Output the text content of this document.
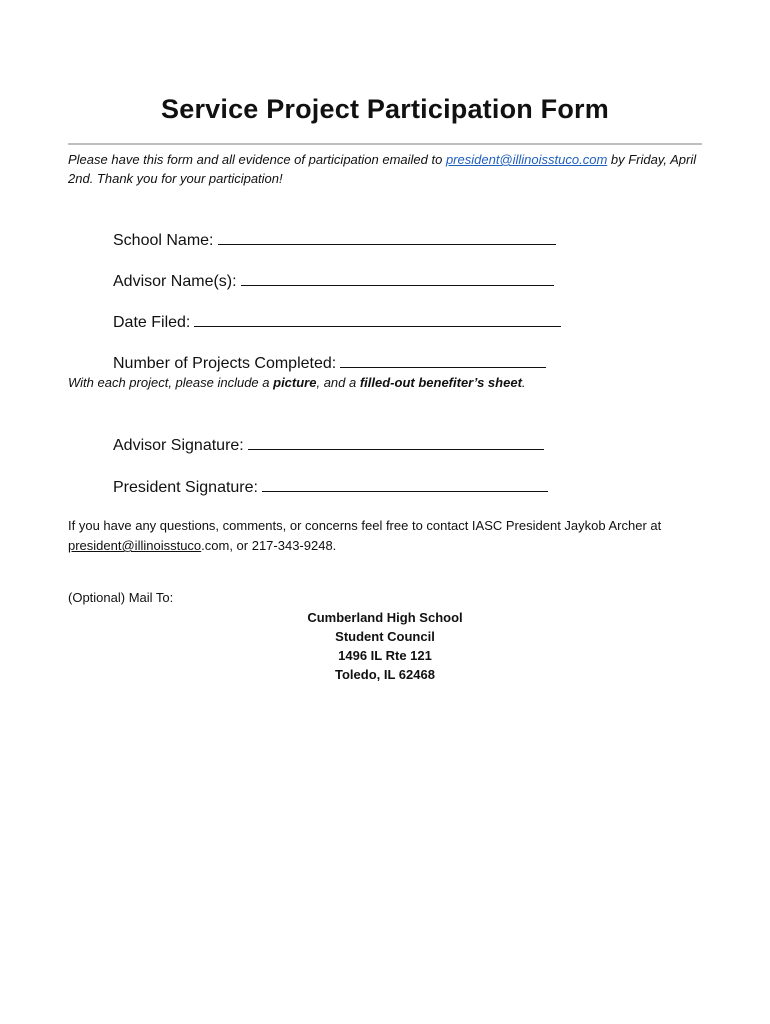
Service Project Participation Form
Please have this form and all evidence of participation emailed to president@illinoisstuco.com by Friday, April 2nd. Thank you for your participation!
School Name:
Advisor Name(s):
Date Filed:
Number of Projects Completed:
With each project, please include a picture, and a filled-out benefiter’s sheet.
Advisor Signature:
President Signature:
If you have any questions, comments, or concerns feel free to contact IASC President Jaykob Archer at president@illinoisstuco.com, or 217-343-9248.
(Optional) Mail To:
Cumberland High School
Student Council
1496 IL Rte 121
Toledo, IL 62468
